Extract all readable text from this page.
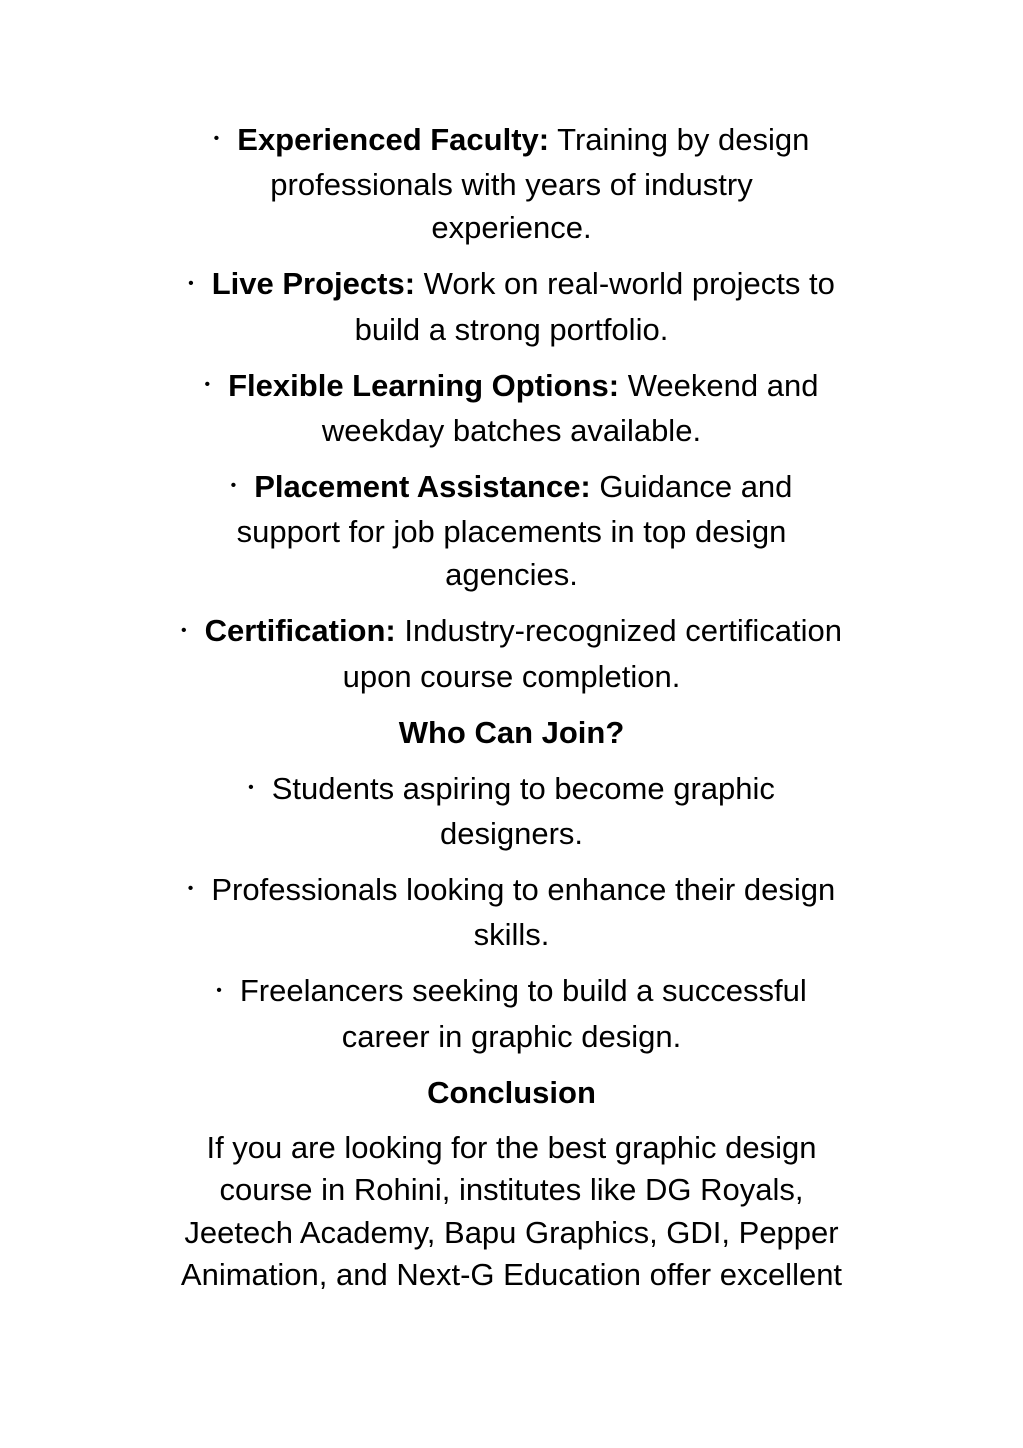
• Experienced Faculty: Training by design
professionals with years of industry
experience.

• Live Projects: Work on real-world projects to
build a strong portfolio.

• Flexible Learning Options: Weekend and
weekday batches available.

• Placement Assistance: Guidance and
support for job placements in top design
agencies.

• Certification: Industry-recognized certification
upon course completion.

Who Can Join?

• Students aspiring to become graphic
designers.

• Professionals looking to enhance their design
skills.

• Freelancers seeking to build a successful
career in graphic design.

Conclusion

If you are looking for the best graphic design
course in Rohini, institutes like DG Royals,
Jeetech Academy, Bapu Graphics, GDI, Pepper
Animation, and Next-G Education offer excellent
